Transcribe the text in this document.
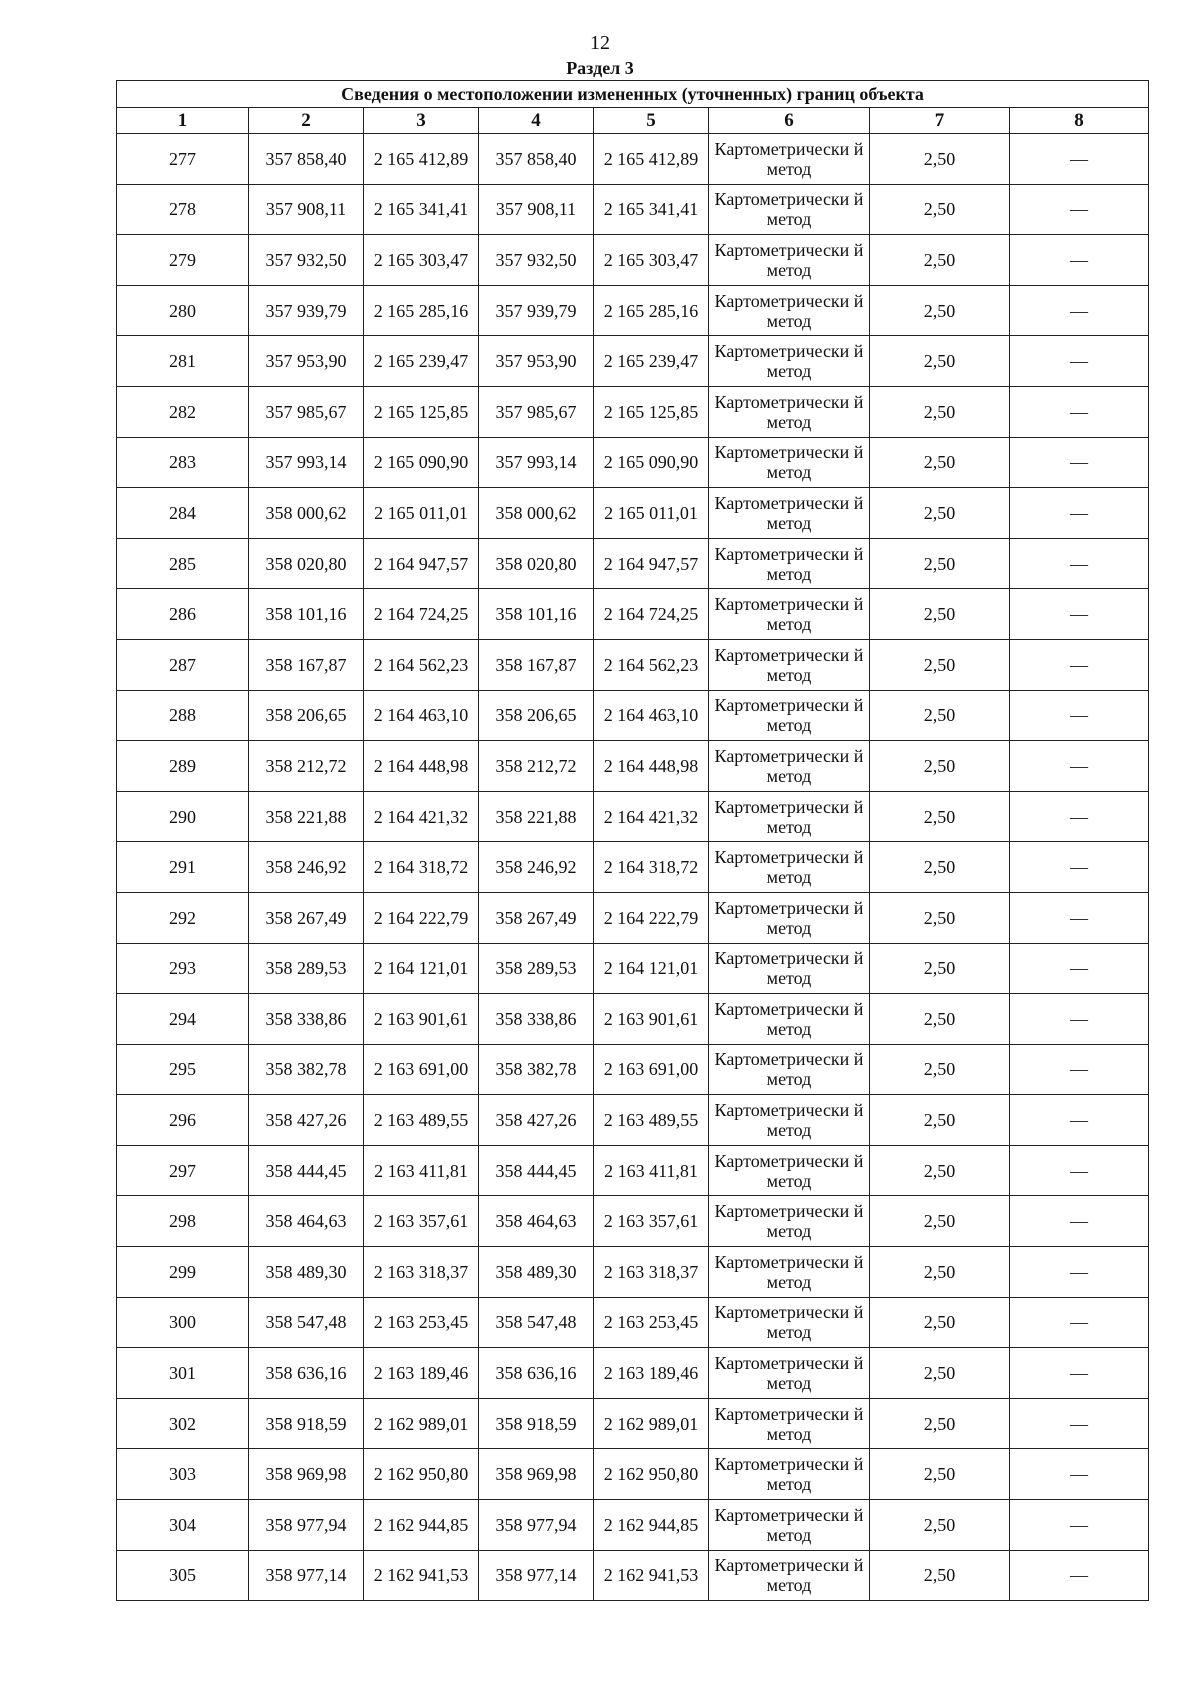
12
Раздел 3
Сведения о местоположении измененных (уточненных) границ объекта							
1	2	3	4	5	6	7	8
277	357 858,40	2 165 412,89	357 858,40	2 165 412,89	Картометрически й метод	2,50	—
278	357 908,11	2 165 341,41	357 908,11	2 165 341,41	Картометрически й метод	2,50	—
279	357 932,50	2 165 303,47	357 932,50	2 165 303,47	Картометрически й метод	2,50	—
280	357 939,79	2 165 285,16	357 939,79	2 165 285,16	Картометрически й метод	2,50	—
281	357 953,90	2 165 239,47	357 953,90	2 165 239,47	Картометрически й метод	2,50	—
282	357 985,67	2 165 125,85	357 985,67	2 165 125,85	Картометрически й метод	2,50	—
283	357 993,14	2 165 090,90	357 993,14	2 165 090,90	Картометрически й метод	2,50	—
284	358 000,62	2 165 011,01	358 000,62	2 165 011,01	Картометрически й метод	2,50	—
285	358 020,80	2 164 947,57	358 020,80	2 164 947,57	Картометрически й метод	2,50	—
286	358 101,16	2 164 724,25	358 101,16	2 164 724,25	Картометрически й метод	2,50	—
287	358 167,87	2 164 562,23	358 167,87	2 164 562,23	Картометрически й метод	2,50	—
288	358 206,65	2 164 463,10	358 206,65	2 164 463,10	Картометрически й метод	2,50	—
289	358 212,72	2 164 448,98	358 212,72	2 164 448,98	Картометрически й метод	2,50	—
290	358 221,88	2 164 421,32	358 221,88	2 164 421,32	Картометрически й метод	2,50	—
291	358 246,92	2 164 318,72	358 246,92	2 164 318,72	Картометрически й метод	2,50	—
292	358 267,49	2 164 222,79	358 267,49	2 164 222,79	Картометрически й метод	2,50	—
293	358 289,53	2 164 121,01	358 289,53	2 164 121,01	Картометрически й метод	2,50	—
294	358 338,86	2 163 901,61	358 338,86	2 163 901,61	Картометрически й метод	2,50	—
295	358 382,78	2 163 691,00	358 382,78	2 163 691,00	Картометрически й метод	2,50	—
296	358 427,26	2 163 489,55	358 427,26	2 163 489,55	Картометрически й метод	2,50	—
297	358 444,45	2 163 411,81	358 444,45	2 163 411,81	Картометрически й метод	2,50	—
298	358 464,63	2 163 357,61	358 464,63	2 163 357,61	Картометрически й метод	2,50	—
299	358 489,30	2 163 318,37	358 489,30	2 163 318,37	Картометрически й метод	2,50	—
300	358 547,48	2 163 253,45	358 547,48	2 163 253,45	Картометрически й метод	2,50	—
301	358 636,16	2 163 189,46	358 636,16	2 163 189,46	Картометрически й метод	2,50	—
302	358 918,59	2 162 989,01	358 918,59	2 162 989,01	Картометрически й метод	2,50	—
303	358 969,98	2 162 950,80	358 969,98	2 162 950,80	Картометрически й метод	2,50	—
304	358 977,94	2 162 944,85	358 977,94	2 162 944,85	Картометрически й метод	2,50	—
305	358 977,14	2 162 941,53	358 977,14	2 162 941,53	Картометрически й метод	2,50	—
